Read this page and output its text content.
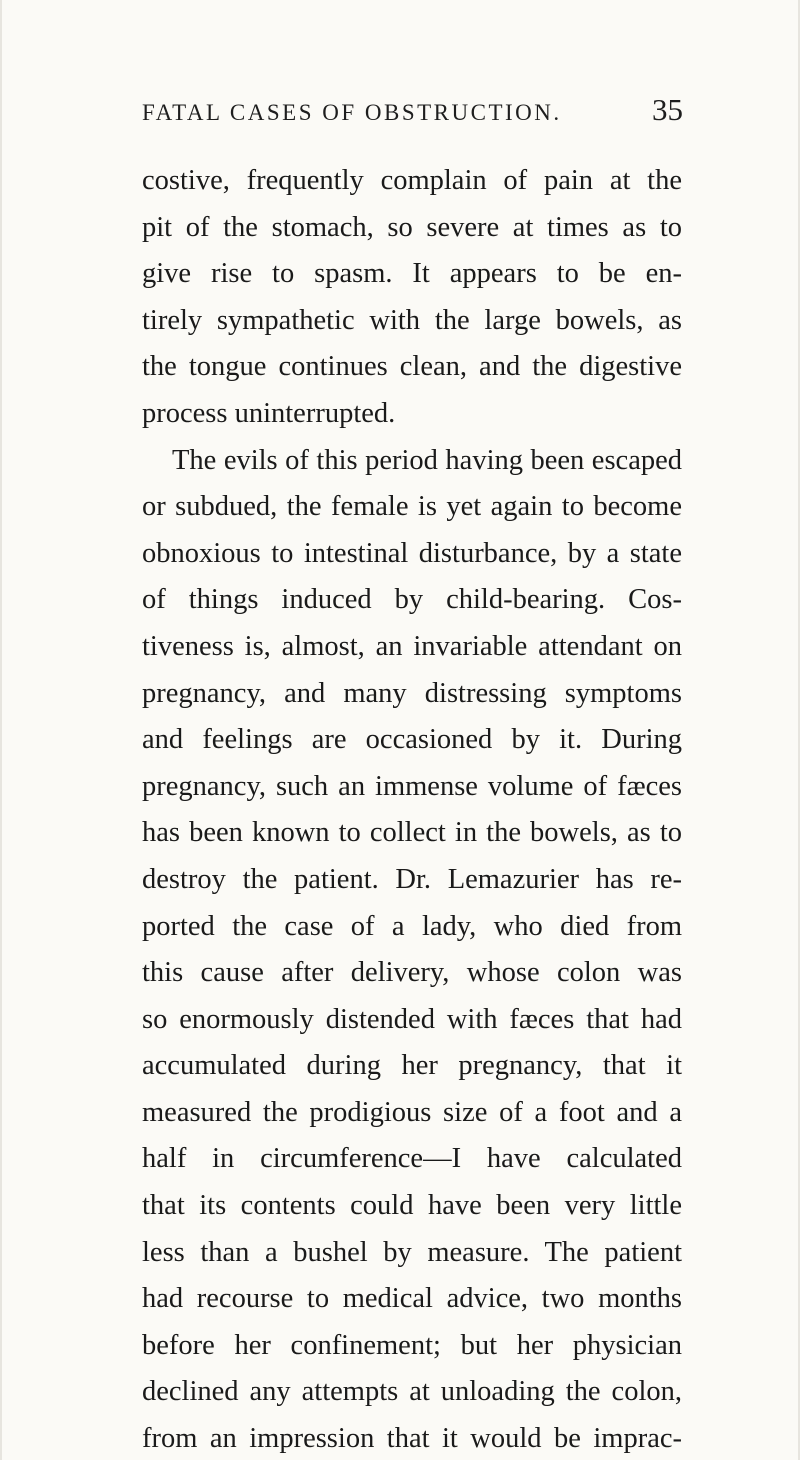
FATAL CASES OF OBSTRUCTION.	35
costive, frequently complain of pain at the
pit of the stomach, so severe at times as to
give rise to spasm. It appears to be en-
tirely sympathetic with the large bowels, as
the tongue continues clean, and the digestive
process uninterrupted.
The evils of this period having been escaped
or subdued, the female is yet again to become
obnoxious to intestinal disturbance, by a state
of things induced by child-bearing. Cos-
tiveness is, almost, an invariable attendant on
pregnancy, and many distressing symptoms
and feelings are occasioned by it. During
pregnancy, such an immense volume of fæces
has been known to collect in the bowels, as to
destroy the patient. Dr. Lemazurier has re-
ported the case of a lady, who died from
this cause after delivery, whose colon was
so enormously distended with fæces that had
accumulated during her pregnancy, that it
measured the prodigious size of a foot and a
half in circumference—I have calculated
that its contents could have been very little
less than a bushel by measure. The patient
had recourse to medical advice, two months
before her confinement; but her physician
declined any attempts at unloading the colon,
from an impression that it would be imprac-
